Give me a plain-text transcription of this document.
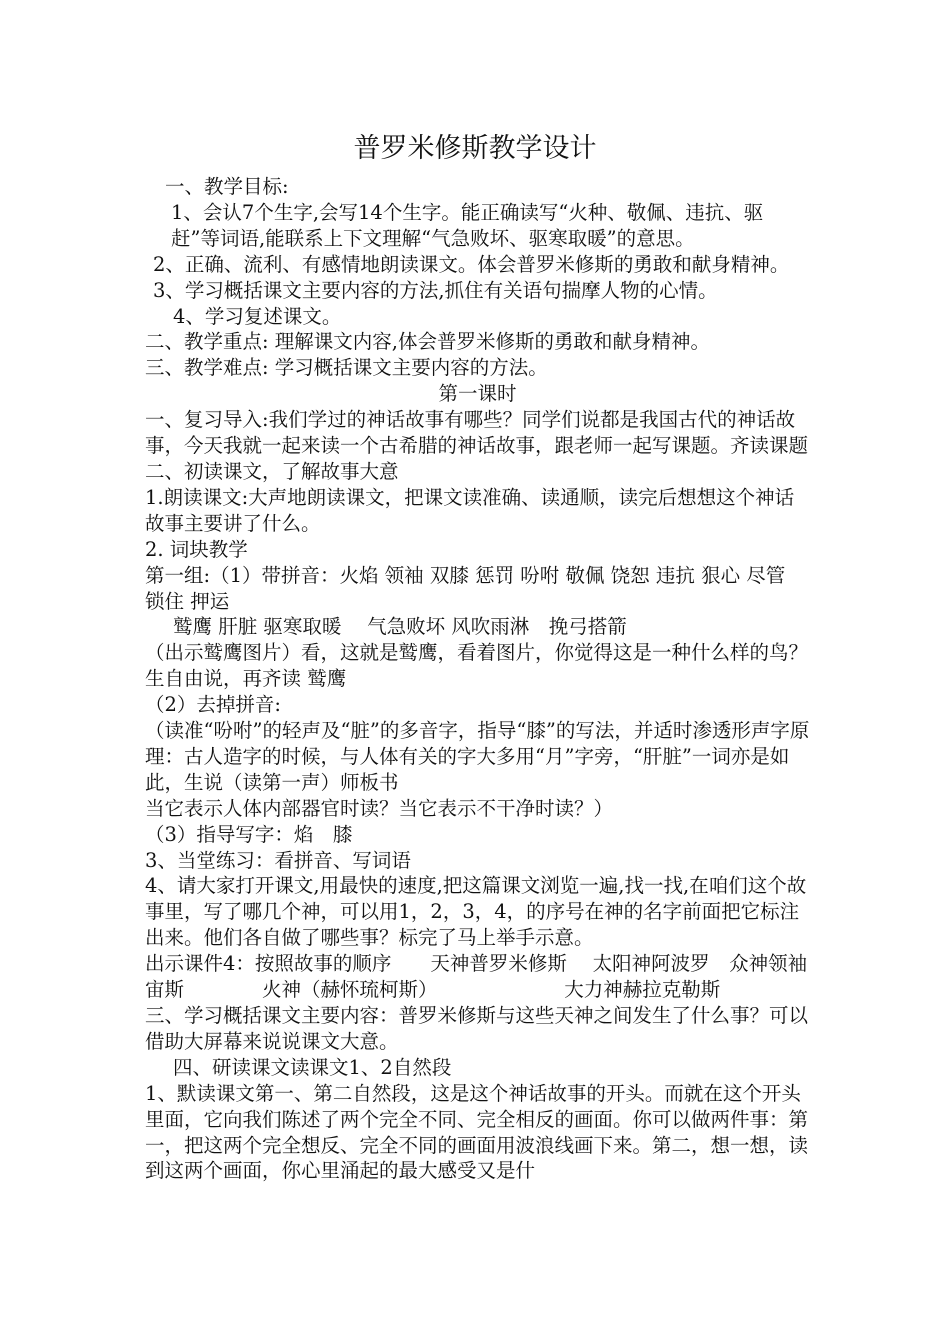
普罗米修斯教学设计

一、教学目标:

1、会认7个生字,会写14个生字。能正确读写“火种、敬佩、违抗、驱赶”等词语,能联系上下文理解“气急败坏、驱寒取暖”的意思。

2、正确、流利、有感情地朗读课文。体会普罗米修斯的勇敢和献身精神。

3、学习概括课文主要内容的方法,抓住有关语句揣摩人物的心情。

4、学习复述课文。

二、教学重点: 理解课文内容,体会普罗米修斯的勇敢和献身精神。

三、教学难点: 学习概括课文主要内容的方法。

第一课时

一、复习导入:我们学过的神话故事有哪些？同学们说都是我国古代的神话故事，今天我就一起来读一个古希腊的神话故事，跟老师一起写课题。齐读课题

二、初读课文，了解故事大意

1.朗读课文:大声地朗读课文，把课文读准确、读通顺，读完后想想这个神话故事主要讲了什么。

2. 词块教学

第一组:（1）带拼音：火焰 领袖 双膝 惩罚 吩咐 敬佩 饶恕 违抗 狠心 尽管 锁住 押运

鹫鹰 肝脏 驱寒取暖　 气急败坏 风吹雨淋　挽弓搭箭

（出示鹫鹰图片）看，这就是鹫鹰，看着图片，你觉得这是一种什么样的鸟？生自由说，再齐读 鹫鹰

（2）去掉拼音:

（读准“吩咐”的轻声及“脏”的多音字，指导“膝”的写法，并适时渗透形声字原理：古人造字的时候，与人体有关的字大多用“月”字旁，“肝脏”一词亦是如此，生说（读第一声）师板书

当它表示人体内部器官时读？当它表示不干净时读？）

（3）指导写字：焰　膝

3、当堂练习：看拼音、写词语

4、请大家打开课文,用最快的速度,把这篇课文浏览一遍,找一找,在咱们这个故事里，写了哪几个神，可以用1，2，3，4，的序号在神的名字前面把它标注出来。他们各自做了哪些事？标完了马上举手示意。

出示课件4：按照故事的顺序　　天神普罗米修斯　 太阳神阿波罗　众神领袖宙斯　　　　火神（赫怀琉柯斯）　　　　　　　大力神赫拉克勒斯

三、学习概括课文主要内容：普罗米修斯与这些天神之间发生了什么事？可以借助大屏幕来说说课文大意。

四、研读课文读课文1、2自然段

1、默读课文第一、第二自然段，这是这个神话故事的开头。而就在这个开头里面，它向我们陈述了两个完全不同、完全相反的画面。你可以做两件事：第一，把这两个完全想反、完全不同的画面用波浪线画下来。第二，想一想，读到这两个画面，你心里涌起的最大感受又是什
